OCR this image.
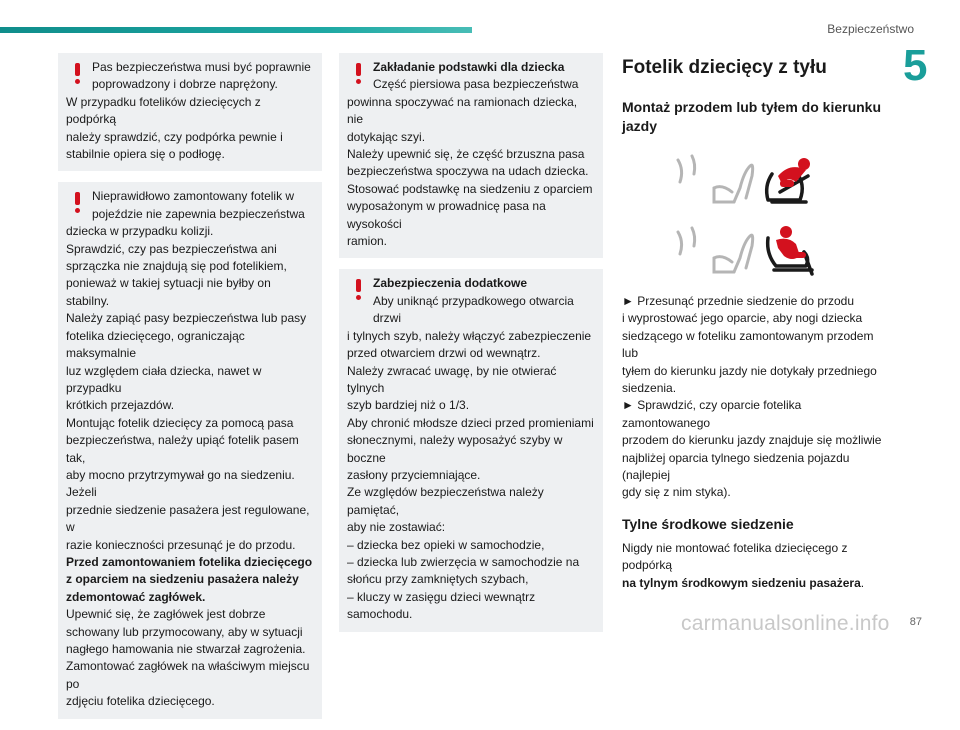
Bezpieczeństwo
5
Pas bezpieczeństwa musi być poprawnie
poprowadzony i dobrze naprężony.
W przypadku fotelików dziecięcych z podpórką
należy sprawdzić, czy podpórka pewnie i
stabilnie opiera się o podłogę.
Nieprawidłowo zamontowany fotelik w
pojeździe nie zapewnia bezpieczeństwa
dziecka w przypadku kolizji.
Sprawdzić, czy pas bezpieczeństwa ani
sprzączka nie znajdują się pod fotelikiem,
ponieważ w takiej sytuacji nie byłby on stabilny.
Należy zapiąć pasy bezpieczeństwa lub pasy
fotelika dziecięcego, ograniczając maksymalnie
luz względem ciała dziecka, nawet w przypadku
krótkich przejazdów.
Montując fotelik dziecięcy za pomocą pasa
bezpieczeństwa, należy upiąć fotelik pasem tak,
aby mocno przytrzymywał go na siedzeniu. Jeżeli
przednie siedzenie pasażera jest regulowane, w
razie konieczności przesunąć je do przodu.
Przed zamontowaniem fotelika dziecięcego
z oparciem na siedzeniu pasażera należy
zdemontować zagłówek.
Upewnić się, że zagłówek jest dobrze
schowany lub przymocowany, aby w sytuacji
nagłego hamowania nie stwarzał zagrożenia.
Zamontować zagłówek na właściwym miejscu po
zdjęciu fotelika dziecięcego.
Zakładanie podstawki dla dziecka
Część piersiowa pasa bezpieczeństwa
powinna spoczywać na ramionach dziecka, nie
dotykając szyi.
Należy upewnić się, że część brzuszna pasa
bezpieczeństwa spoczywa na udach dziecka.
Stosować podstawkę na siedzeniu z oparciem
wyposażonym w prowadnicę pasa na wysokości
ramion.
Zabezpieczenia dodatkowe
Aby uniknąć przypadkowego otwarcia drzwi
i tylnych szyb, należy włączyć zabezpieczenie
przed otwarciem drzwi od wewnątrz.
Należy zwracać uwagę, by nie otwierać tylnych
szyb bardziej niż o 1/3.
Aby chronić młodsze dzieci przed promieniami
słonecznymi, należy wyposażyć szyby w boczne
zasłony przyciemniające.
Ze względów bezpieczeństwa należy pamiętać,
aby nie zostawiać:
– dziecka bez opieki w samochodzie,
– dziecka lub zwierzęcia w samochodzie na
słońcu przy zamkniętych szybach,
– kluczy w zasięgu dzieci wewnątrz samochodu.
Fotelik dziecięcy z tyłu
Montaż przodem lub tyłem do kierunku
jazdy
► Przesunąć przednie siedzenie do przodu
i wyprostować jego oparcie, aby nogi dziecka
siedzącego w foteliku zamontowanym przodem lub
tyłem do kierunku jazdy nie dotykały przedniego
siedzenia.
► Sprawdzić, czy oparcie fotelika zamontowanego
przodem do kierunku jazdy znajduje się możliwie
najbliżej oparcia tylnego siedzenia pojazdu (najlepiej
gdy się z nim styka).
Tylne środkowe siedzenie
Nigdy nie montować fotelika dziecięcego z podpórką
na tylnym środkowym siedzeniu pasażera.
carmanualsonline.info 87
